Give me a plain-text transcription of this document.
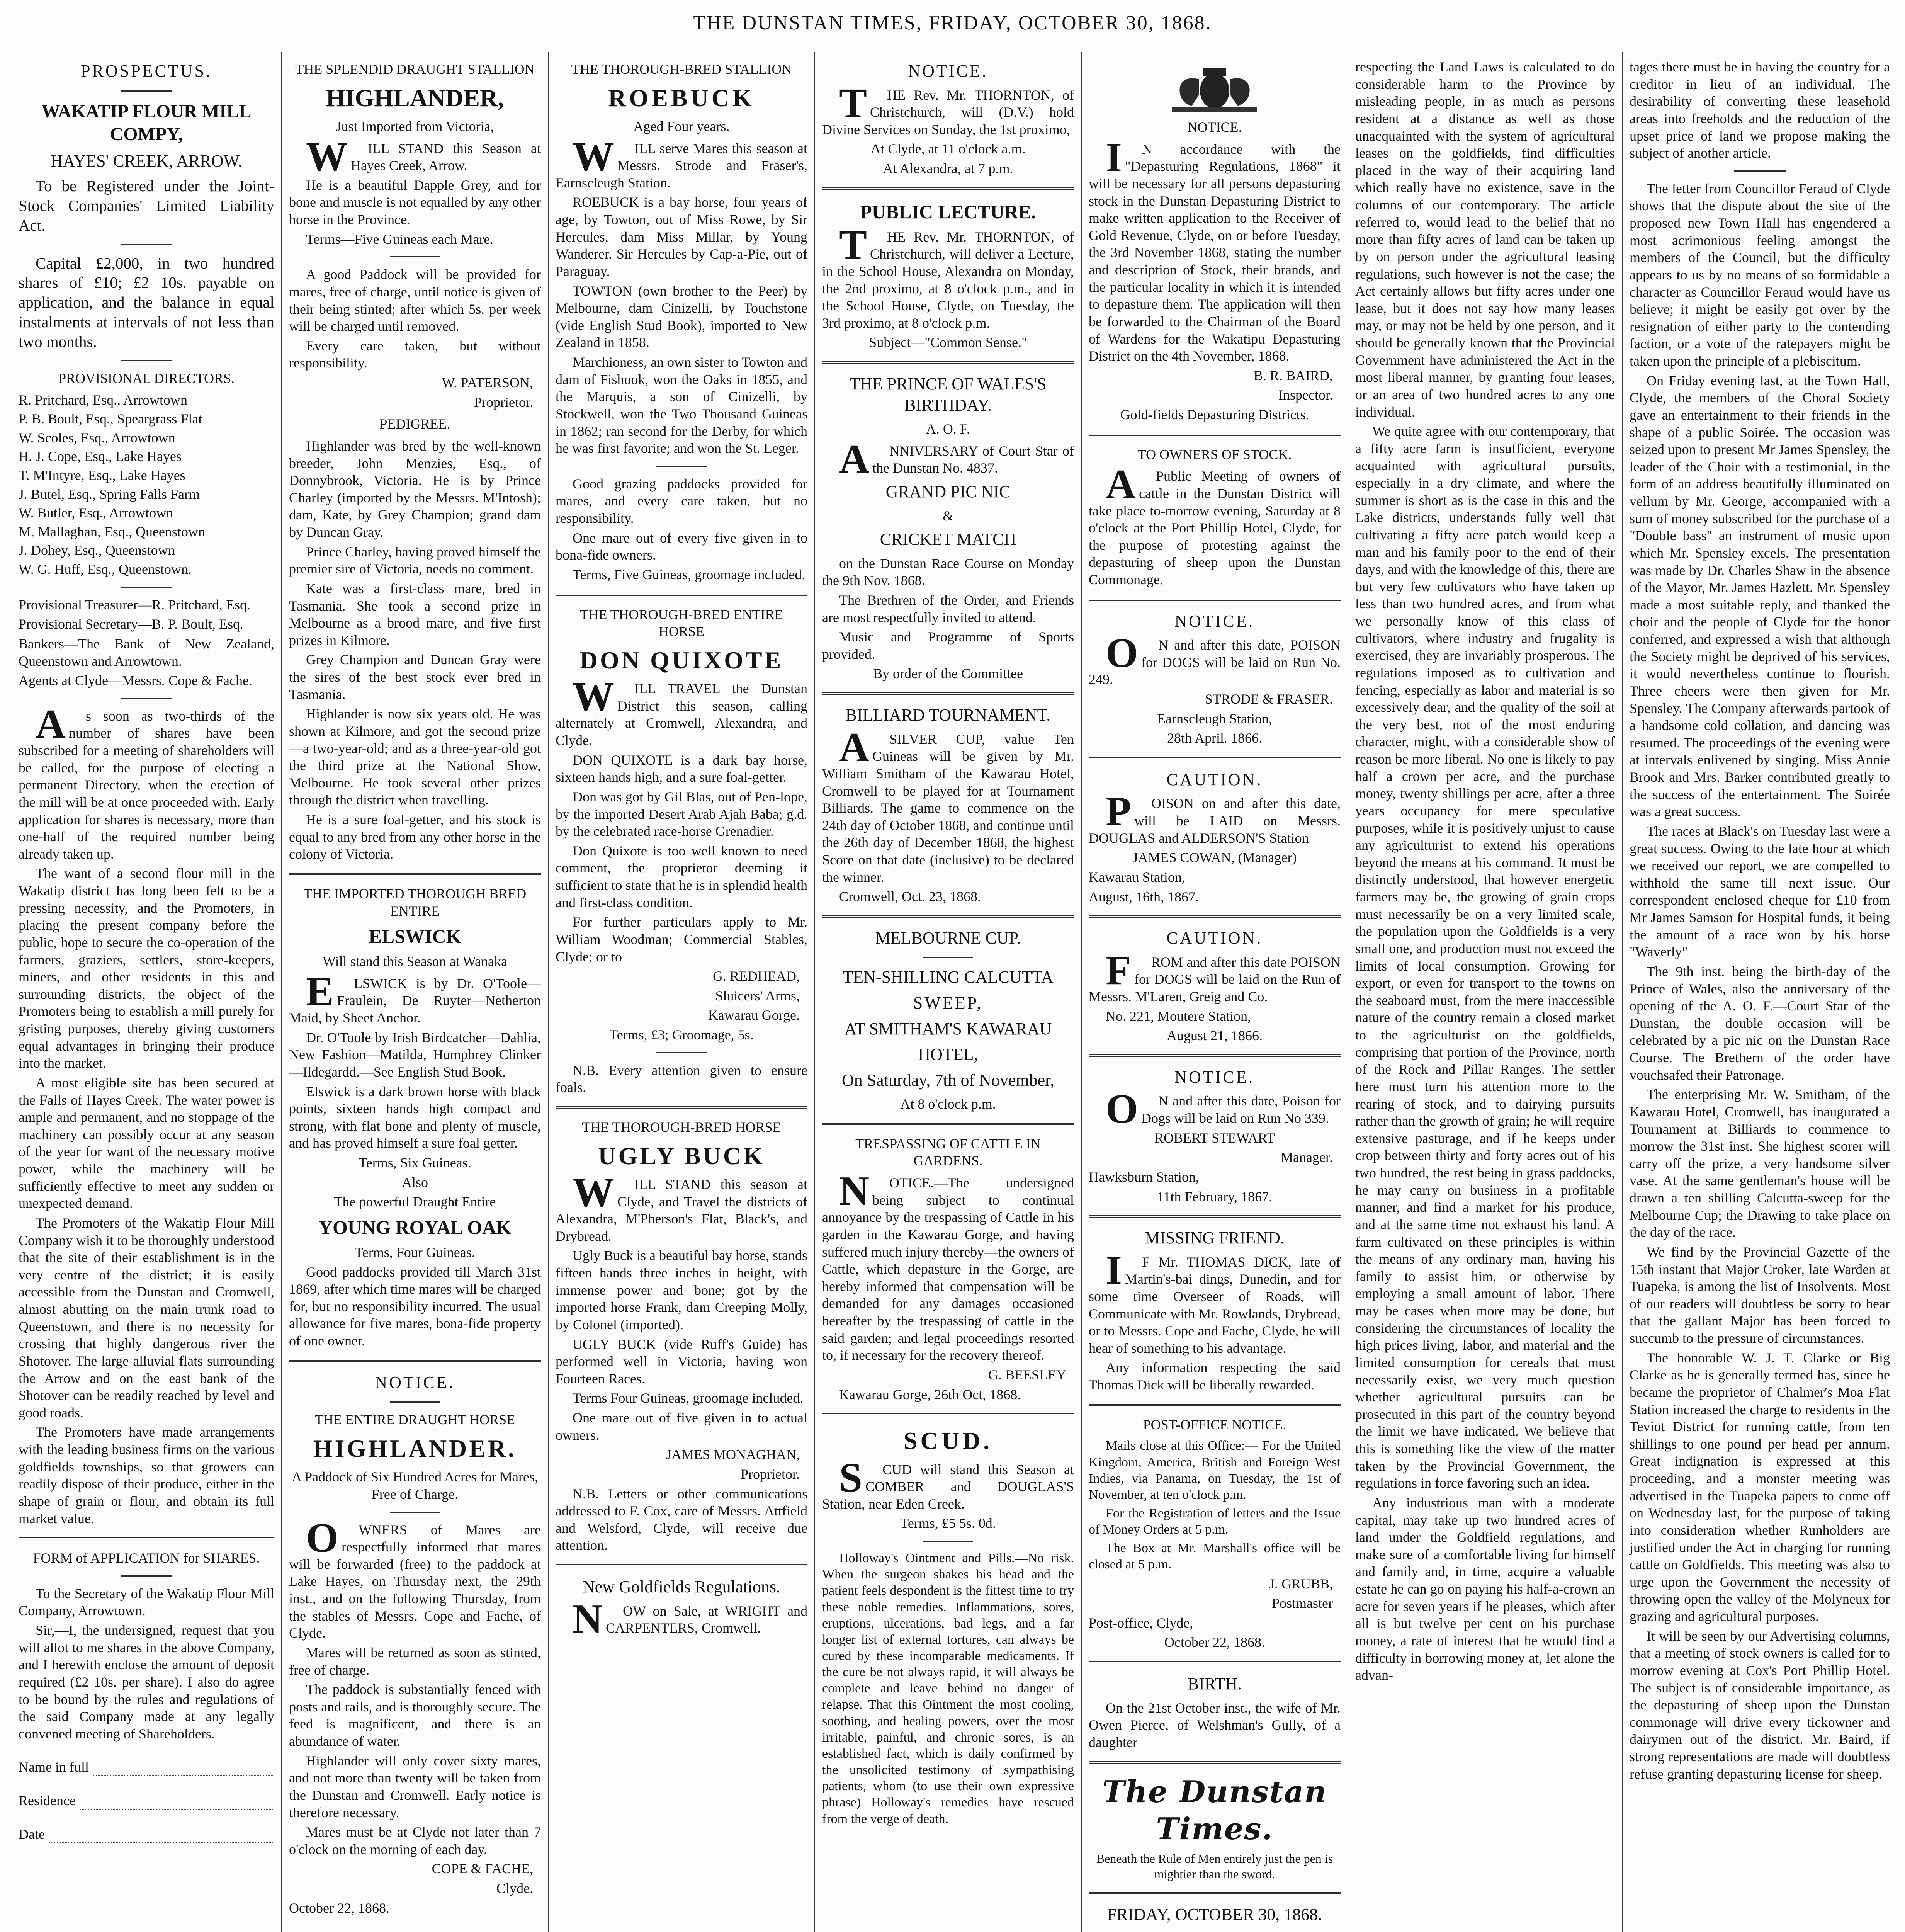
THE DUNSTAN TIMES, FRIDAY, OCTOBER 30, 1868.
PROSPECTUS.
WAKATIP FLOUR MILL COMPY,
HAYES' CREEK, ARROW.
To be Registered under the Joint-Stock Companies' Limited Liability Act.
Capital £2,000, in two hundred shares of £10; £2 10s. payable on application, and the balance in equal instalments at intervals of not less than two months.
PROVISIONAL DIRECTORS.
R. Pritchard, Esq., Arrowtown
P. B. Boult, Esq., Speargrass Flat
W. Scoles, Esq., Arrowtown
H. J. Cope, Esq., Lake Hayes
T. M'Intyre, Esq., Lake Hayes
J. Butel, Esq., Spring Falls Farm
W. Butler, Esq., Arrowtown
M. Mallaghan, Esq., Queenstown
J. Dohey, Esq., Queenstown
W. G. Huff, Esq., Queenstown.
Provisional Treasurer—R. Pritchard, Esq.
Provisional Secretary—B. P. Boult, Esq.
Bankers—The Bank of New Zealand, Queenstown and Arrowtown.
Agents at Clyde—Messrs. Cope & Fache.
As soon as two-thirds of the number of shares have been subscribed for a meeting of shareholders will be called, for the purpose of electing a permanent Directory, when the erection of the mill will be at once proceeded with. Early application for shares is necessary, more than one-half of the required number being already taken up.
The want of a second flour mill in the Wakatip district has long been felt to be a pressing necessity, and the Promoters, in placing the present company before the public, hope to secure the co-operation of the farmers, graziers, settlers, store-keepers, miners, and other residents in this and surrounding districts, the object of the Promoters being to establish a mill purely for gristing purposes, thereby giving customers equal advantages in bringing their produce into the market.
A most eligible site has been secured at the Falls of Hayes Creek. The water power is ample and permanent, and no stoppage of the machinery can possibly occur at any season of the year for want of the necessary motive power, while the machinery will be sufficiently effective to meet any sudden or unexpected demand.
The Promoters of the Wakatip Flour Mill Company wish it to be thoroughly understood that the site of their establishment is in the very centre of the district; it is easily accessible from the Dunstan and Cromwell, almost abutting on the main trunk road to Queenstown, and there is no necessity for crossing that highly dangerous river the Shotover. The large alluvial flats surrounding the Arrow and on the east bank of the Shotover can be readily reached by level and good roads.
The Promoters have made arrangements with the leading business firms on the various goldfields townships, so that growers can readily dispose of their produce, either in the shape of grain or flour, and obtain its full market value.
FORM of APPLICATION for SHARES.
To the Secretary of the Wakatip Flour Mill Company, Arrowtown.
Sir,—I, the undersigned, request that you will allot to me shares in the above Company, and I herewith enclose the amount of deposit required (£2 10s. per share). I also do agree to be bound by the rules and regulations of the said Company made at any legally convened meeting of Shareholders.
Name in full
Residence
Date
THE SPLENDID DRAUGHT STALLION
HIGHLANDER,
Just Imported from Victoria,
WILL STAND this Season at Hayes Creek, Arrow.
He is a beautiful Dapple Grey, and for bone and muscle is not equalled by any other horse in the Province.
Terms—Five Guineas each Mare.
A good Paddock will be provided for mares, free of charge, until notice is given of their being stinted; after which 5s. per week will be charged until removed.
Every care taken, but without responsibility.
W. PATERSON,
Proprietor.
PEDIGREE.
Highlander was bred by the well-known breeder, John Menzies, Esq., of Donnybrook, Victoria. He is by Prince Charley (imported by the Messrs. M'Intosh); dam, Kate, by Grey Champion; grand dam by Duncan Gray.
Prince Charley, having proved himself the premier sire of Victoria, needs no comment.
Kate was a first-class mare, bred in Tasmania. She took a second prize in Melbourne as a brood mare, and five first prizes in Kilmore.
Grey Champion and Duncan Gray were the sires of the best stock ever bred in Tasmania.
Highlander is now six years old. He was shown at Kilmore, and got the second prize—a two-year-old; and as a three-year-old got the third prize at the National Show, Melbourne. He took several other prizes through the district when travelling.
He is a sure foal-getter, and his stock is equal to any bred from any other horse in the colony of Victoria.
THE IMPORTED THOROUGH BRED ENTIRE
ELSWICK
Will stand this Season at Wanaka
ELSWICK is by Dr. O'Toole—Fraulein, De Ruyter—Netherton Maid, by Sheet Anchor.
Dr. O'Toole by Irish Birdcatcher—Dahlia, New Fashion—Matilda, Humphrey Clinker—Ildegardd.—See English Stud Book.
Elswick is a dark brown horse with black points, sixteen hands high compact and strong, with flat bone and plenty of muscle, and has proved himself a sure foal getter.
Terms, Six Guineas.
Also
The powerful Draught Entire
YOUNG ROYAL OAK
Terms, Four Guineas.
Good paddocks provided till March 31st 1869, after which time mares will be charged for, but no responsibility incurred. The usual allowance for five mares, bona-fide property of one owner.
NOTICE.
THE ENTIRE DRAUGHT HORSE
HIGHLANDER.
A Paddock of Six Hundred Acres for Mares, Free of Charge.
OWNERS of Mares are respectfully informed that mares will be forwarded (free) to the paddock at Lake Hayes, on Thursday next, the 29th inst., and on the following Thursday, from the stables of Messrs. Cope and Fache, of Clyde.
Mares will be returned as soon as stinted, free of charge.
The paddock is substantially fenced with posts and rails, and is thoroughly secure. The feed is magnificent, and there is an abundance of water.
Highlander will only cover sixty mares, and not more than twenty will be taken from the Dunstan and Cromwell. Early notice is therefore necessary.
Mares must be at Clyde not later than 7 o'clock on the morning of each day.
COPE & FACHE,
Clyde.
October 22, 1868.
THE THOROUGH-BRED STALLION
ROEBUCK
Aged Four years.
WILL serve Mares this season at Messrs. Strode and Fraser's, Earnscleugh Station.
ROEBUCK is a bay horse, four years of age, by Towton, out of Miss Rowe, by Sir Hercules, dam Miss Millar, by Young Wanderer. Sir Hercules by Cap-a-Pie, out of Paraguay.
TOWTON (own brother to the Peer) by Melbourne, dam Cinizelli. by Touchstone (vide English Stud Book), imported to New Zealand in 1858.
Marchioness, an own sister to Towton and dam of Fishook, won the Oaks in 1855, and the Marquis, a son of Cinizelli, by Stockwell, won the Two Thousand Guineas in 1862; ran second for the Derby, for which he was first favorite; and won the St. Leger.
Good grazing paddocks provided for mares, and every care taken, but no responsibility.
One mare out of every five given in to bona-fide owners.
Terms, Five Guineas, groomage included.
THE THOROUGH-BRED ENTIRE HORSE
DON QUIXOTE
WILL TRAVEL the Dunstan District this season, calling alternately at Cromwell, Alexandra, and Clyde.
DON QUIXOTE is a dark bay horse, sixteen hands high, and a sure foal-getter.
Don was got by Gil Blas, out of Pen-lope, by the imported Desert Arab Ajah Baba; g.d. by the celebrated race-horse Grenadier.
Don Quixote is too well known to need comment, the proprietor deeming it sufficient to state that he is in splendid health and first-class condition.
For further particulars apply to Mr. William Woodman; Commercial Stables, Clyde; or to
G. REDHEAD,
Sluicers' Arms,
Kawarau Gorge.
Terms, £3; Groomage, 5s.
N.B. Every attention given to ensure foals.
THE THOROUGH-BRED HORSE
UGLY BUCK
WILL STAND this season at Clyde, and Travel the districts of Alexandra, M'Pherson's Flat, Black's, and Drybread.
Ugly Buck is a beautiful bay horse, stands fifteen hands three inches in height, with immense power and bone; got by the imported horse Frank, dam Creeping Molly, by Colonel (imported).
UGLY BUCK (vide Ruff's Guide) has performed well in Victoria, having won Fourteen Races.
Terms Four Guineas, groomage included.
One mare out of five given in to actual owners.
JAMES MONAGHAN,
Proprietor.
N.B. Letters or other communications addressed to F. Cox, care of Messrs. Attfield and Welsford, Clyde, will receive due attention.
New Goldfields Regulations.
NOW on Sale, at WRIGHT and CARPENTERS, Cromwell.
NOTICE.
THE Rev. Mr. THORNTON, of Christchurch, will (D.V.) hold Divine Services on Sunday, the 1st proximo,
At Clyde, at 11 o'clock a.m.
At Alexandra, at 7 p.m.
PUBLIC LECTURE.
THE Rev. Mr. THORNTON, of Christchurch, will deliver a Lecture, in the School House, Alexandra on Monday, the 2nd proximo, at 8 o'clock p.m., and in the School House, Clyde, on Tuesday, the 3rd proximo, at 8 o'clock p.m.
Subject—"Common Sense."
THE PRINCE OF WALES'S BIRTHDAY.
A. O. F.
ANNIVERSARY of Court Star of the Dunstan No. 4837.
GRAND PIC NIC
&
CRICKET MATCH
on the Dunstan Race Course on Monday the 9th Nov. 1868.
The Brethren of the Order, and Friends are most respectfully invited to attend.
Music and Programme of Sports provided.
By order of the Committee
BILLIARD TOURNAMENT.
ASILVER CUP, value Ten Guineas will be given by Mr. William Smitham of the Kawarau Hotel, Cromwell to be played for at Tournament Billiards. The game to commence on the 24th day of October 1868, and continue until the 26th day of December 1868, the highest Score on that date (inclusive) to be declared the winner.
Cromwell, Oct. 23, 1868.
MELBOURNE CUP.
TEN-SHILLING CALCUTTA
SWEEP,
AT SMITHAM'S KAWARAU
HOTEL,
On Saturday, 7th of November,
At 8 o'clock p.m.
TRESPASSING OF CATTLE IN GARDENS.
NOTICE.—The undersigned being subject to continual annoyance by the trespassing of Cattle in his garden in the Kawarau Gorge, and having suffered much injury thereby—the owners of Cattle, which depasture in the Gorge, are hereby informed that compensation will be demanded for any damages occasioned hereafter by the trespassing of cattle in the said garden; and legal proceedings resorted to, if necessary for the recovery thereof.
G. BEESLEY
Kawarau Gorge, 26th Oct, 1868.
SCUD.
SCUD will stand this Season at COMBER and DOUGLAS'S Station, near Eden Creek.
Terms, £5 5s. 0d.
Holloway's Ointment and Pills.—No risk. When the surgeon shakes his head and the patient feels despondent is the fittest time to try these noble remedies. Inflammations, sores, eruptions, ulcerations, bad legs, and a far longer list of external tortures, can always be cured by these incomparable medicaments. If the cure be not always rapid, it will always be complete and leave behind no danger of relapse. That this Ointment the most cooling, soothing, and healing powers, over the most irritable, painful, and chronic sores, is an established fact, which is daily confirmed by the unsolicited testimony of sympathising patients, whom (to use their own expressive phrase) Holloway's remedies have rescued from the verge of death.
NOTICE.
IN accordance with the "Depasturing Regulations, 1868" it will be necessary for all persons depasturing stock in the Dunstan Depasturing District to make written application to the Receiver of Gold Revenue, Clyde, on or before Tuesday, the 3rd November 1868, stating the number and description of Stock, their brands, and the particular locality in which it is intended to depasture them. The application will then be forwarded to the Chairman of the Board of Wardens for the Wakatipu Depasturing District on the 4th November, 1868.
B. R. BAIRD,
Inspector.
Gold-fields Depasturing Districts.
TO OWNERS OF STOCK.
APublic Meeting of owners of cattle in the Dunstan District will take place to-morrow evening, Saturday at 8 o'clock at the Port Phillip Hotel, Clyde, for the purpose of protesting against the depasturing of sheep upon the Dunstan Commonage.
NOTICE.
ON and after this date, POISON for DOGS will be laid on Run No. 249.
STRODE & FRASER.
Earnscleugh Station,
28th April. 1866.
CAUTION.
POISON on and after this date, will be LAID on Messrs. DOUGLAS and ALDERSON'S Station
JAMES COWAN, (Manager)
Kawarau Station,
August, 16th, 1867.
CAUTION.
FROM and after this date POISON for DOGS will be laid on the Run of Messrs. M'Laren, Greig and Co.
No. 221, Moutere Station,
August 21, 1866.
NOTICE.
ON and after this date, Poison for Dogs will be laid on Run No 339.
ROBERT STEWART
Manager.
Hawksburn Station,
11th February, 1867.
MISSING FRIEND.
IF Mr. THOMAS DICK, late of Martin's-bai dings, Dunedin, and for some time Overseer of Roads, will Communicate with Mr. Rowlands, Drybread, or to Messrs. Cope and Fache, Clyde, he will hear of something to his advantage.
Any information respecting the said Thomas Dick will be liberally rewarded.
POST-OFFICE NOTICE.
Mails close at this Office:— For the United Kingdom, America, British and Foreign West Indies, via Panama, on Tuesday, the 1st of November, at ten o'clock p.m.
For the Registration of letters and the Issue of Money Orders at 5 p.m.
The Box at Mr. Marshall's office will be closed at 5 p.m.
J. GRUBB,
Postmaster
Post-office, Clyde,
October 22, 1868.
BIRTH.
On the 21st October inst., the wife of Mr. Owen Pierce, of Welshman's Gully, of a daughter
The Dunstan Times.
Beneath the Rule of Men entirely just the pen is mightier than the sword.
FRIDAY, OCTOBER 30, 1868.
respecting the Land Laws is calculated to do considerable harm to the Province by misleading people, in as much as persons resident at a distance as well as those unacquainted with the system of agricultural leases on the goldfields, find difficulties placed in the way of their acquiring land which really have no existence, save in the columns of our contemporary. The article referred to, would lead to the belief that no more than fifty acres of land can be taken up by on person under the agricultural leasing regulations, such however is not the case; the Act certainly allows but fifty acres under one lease, but it does not say how many leases may, or may not be held by one person, and it should be generally known that the Provincial Government have administered the Act in the most liberal manner, by granting four leases, or an area of two hundred acres to any one individual.
We quite agree with our contemporary, that a fifty acre farm is insufficient, everyone acquainted with agricultural pursuits, especially in a dry climate, and where the summer is short as is the case in this and the Lake districts, understands fully well that cultivating a fifty acre patch would keep a man and his family poor to the end of their days, and with the knowledge of this, there are but very few cultivators who have taken up less than two hundred acres, and from what we personally know of this class of cultivators, where industry and frugality is exercised, they are invariably prosperous. The regulations imposed as to cultivation and fencing, especially as labor and material is so excessively dear, and the quality of the soil at the very best, not of the most enduring character, might, with a considerable show of reason be more liberal. No one is likely to pay half a crown per acre, and the purchase money, twenty shillings per acre, after a three years occupancy for mere speculative purposes, while it is positively unjust to cause any agriculturist to extend his operations beyond the means at his command. It must be distinctly understood, that however energetic farmers may be, the growing of grain crops must necessarily be on a very limited scale, the population upon the Goldfields is a very small one, and production must not exceed the limits of local consumption. Growing for export, or even for transport to the towns on the seaboard must, from the mere inaccessible nature of the country remain a closed market to the agriculturist on the goldfields, comprising that portion of the Province, north of the Rock and Pillar Ranges. The settler here must turn his attention more to the rearing of stock, and to dairying pursuits rather than the growth of grain; he will require extensive pasturage, and if he keeps under crop between thirty and forty acres out of his two hundred, the rest being in grass paddocks, he may carry on business in a profitable manner, and find a market for his produce, and at the same time not exhaust his land. A farm cultivated on these principles is within the means of any ordinary man, having his family to assist him, or otherwise by employing a small amount of labor. There may be cases when more may be done, but considering the circumstances of locality the high prices living, labor, and material and the limited consumption for cereals that must necessarily exist, we very much question whether agricultural pursuits can be prosecuted in this part of the country beyond the limit we have indicated. We believe that this is something like the view of the matter taken by the Provincial Government, the regulations in force favoring such an idea.
Any industrious man with a moderate capital, may take up two hundred acres of land under the Goldfield regulations, and make sure of a comfortable living for himself and family and, in time, acquire a valuable estate he can go on paying his half-a-crown an acre for seven years if he pleases, which after all is but twelve per cent on his purchase money, a rate of interest that he would find a difficulty in borrowing money at, let alone the advan-
tages there must be in having the country for a creditor in lieu of an individual. The desirability of converting these leasehold areas into freeholds and the reduction of the upset price of land we propose making the subject of another article.
The letter from Councillor Feraud of Clyde shows that the dispute about the site of the proposed new Town Hall has engendered a most acrimonious feeling amongst the members of the Council, but the difficulty appears to us by no means of so formidable a character as Councillor Feraud would have us believe; it might be easily got over by the resignation of either party to the contending faction, or a vote of the ratepayers might be taken upon the principle of a plebiscitum.
On Friday evening last, at the Town Hall, Clyde, the members of the Choral Society gave an entertainment to their friends in the shape of a public Soirée. The occasion was seized upon to present Mr James Spensley, the leader of the Choir with a testimonial, in the form of an address beautifully illuminated on vellum by Mr. George, accompanied with a sum of money subscribed for the purchase of a "Double bass" an instrument of music upon which Mr. Spensley excels. The presentation was made by Dr. Charles Shaw in the absence of the Mayor, Mr. James Hazlett. Mr. Spensley made a most suitable reply, and thanked the choir and the people of Clyde for the honor conferred, and expressed a wish that although the Society might be deprived of his services, it would nevertheless continue to flourish. Three cheers were then given for Mr. Spensley. The Company afterwards partook of a handsome cold collation, and dancing was resumed. The proceedings of the evening were at intervals enlivened by singing. Miss Annie Brook and Mrs. Barker contributed greatly to the success of the entertainment. The Soirée was a great success.
The races at Black's on Tuesday last were a great success. Owing to the late hour at which we received our report, we are compelled to withhold the same till next issue. Our correspondent enclosed cheque for £10 from Mr James Samson for Hospital funds, it being the amount of a race won by his horse "Waverly"
The 9th inst. being the birth-day of the Prince of Wales, also the anniversary of the opening of the A. O. F.—Court Star of the Dunstan, the double occasion will be celebrated by a pic nic on the Dunstan Race Course. The Brethern of the order have vouchsafed their Patronage.
The enterprising Mr. W. Smitham, of the Kawarau Hotel, Cromwell, has inaugurated a Tournament at Billiards to commence to morrow the 31st inst. She highest scorer will carry off the prize, a very handsome silver vase. At the same gentleman's house will be drawn a ten shilling Calcutta-sweep for the Melbourne Cup; the Drawing to take place on the day of the race.
We find by the Provincial Gazette of the 15th instant that Major Croker, late Warden at Tuapeka, is among the list of Insolvents. Most of our readers will doubtless be sorry to hear that the gallant Major has been forced to succumb to the pressure of circumstances.
The honorable W. J. T. Clarke or Big Clarke as he is generally termed has, since he became the proprietor of Chalmer's Moa Flat Station increased the charge to residents in the Teviot District for running cattle, from ten shillings to one pound per head per annum. Great indignation is expressed at this proceeding, and a monster meeting was advertised in the Tuapeka papers to come off on Wednesday last, for the purpose of taking into consideration whether Runholders are justified under the Act in charging for running cattle on Goldfields. This meeting was also to urge upon the Government the necessity of throwing open the valley of the Molyneux for grazing and agricultural purposes.
It will be seen by our Advertising columns, that a meeting of stock owners is called for to morrow evening at Cox's Port Phillip Hotel. The subject is of considerable importance, as the depasturing of sheep upon the Dunstan commonage will drive every tickowner and dairymen out of the district. Mr. Baird, if strong representations are made will doubtless refuse granting depasturing license for sheep.
